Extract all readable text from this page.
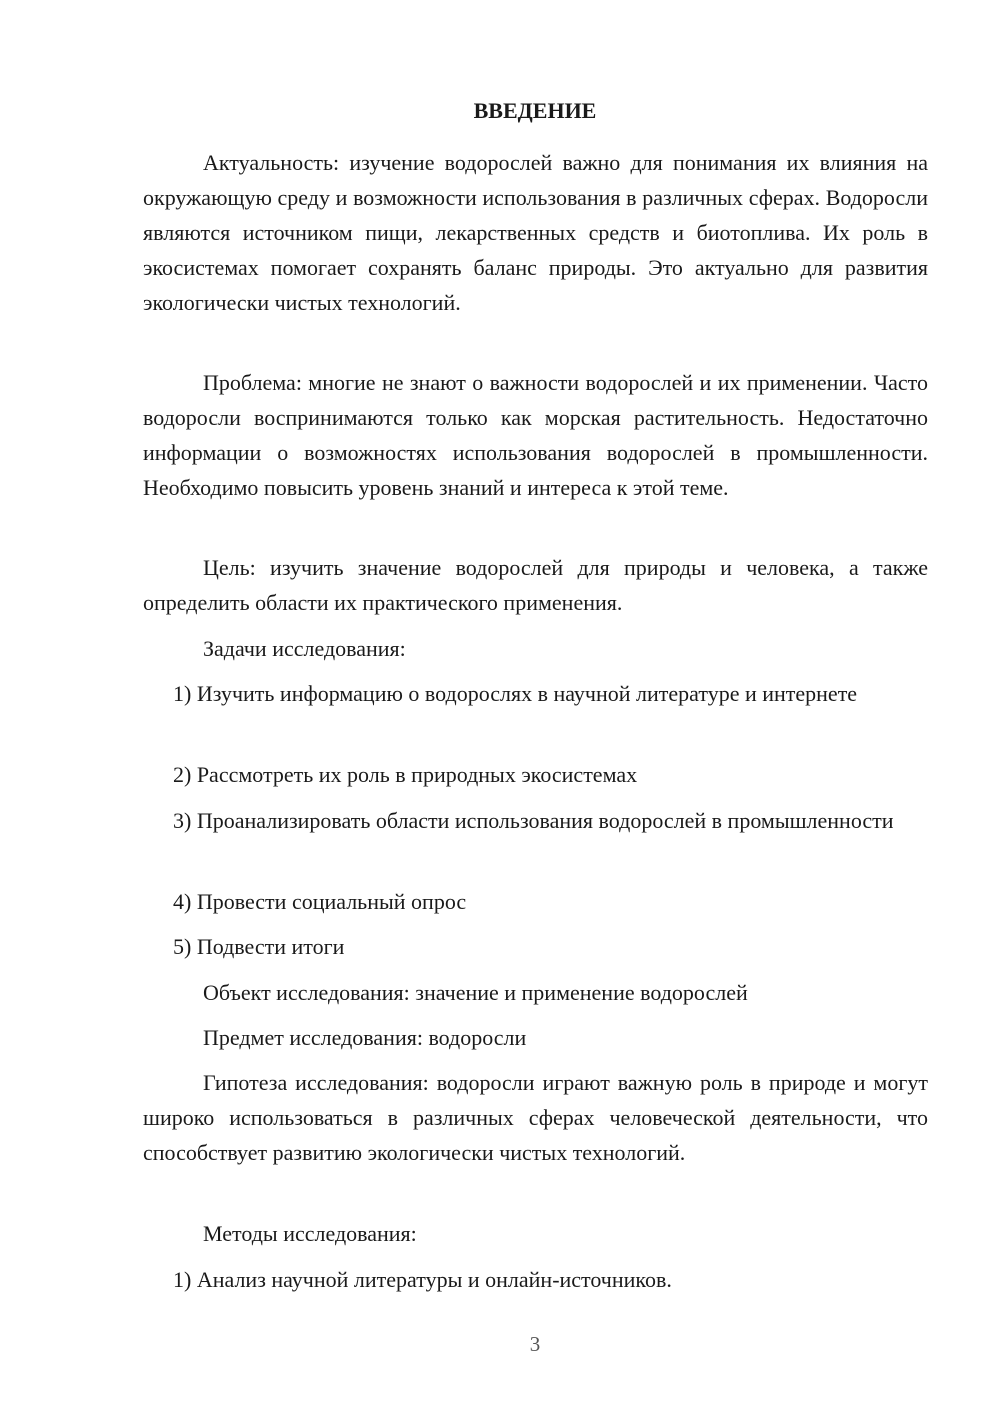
ВВЕДЕНИЕ

Актуальность: изучение водорослей важно для понимания их влияния на окружающую среду и возможности использования в различных сферах. Водоросли являются источником пищи, лекарственных средств и биотоплива. Их роль в экосистемах помогает сохранять баланс природы. Это актуально для развития экологически чистых технологий.

Проблема: многие не знают о важности водорослей и их применении. Часто водоросли воспринимаются только как морская растительность. Недостаточно информации о возможностях использования водорослей в промышленности. Необходимо повысить уровень знаний и интереса к этой теме.

Цель: изучить значение водорослей для природы и человека, а также определить области их практического применения.

Задачи исследования:

1) Изучить информацию о водорослях в научной литературе и интернете

2) Рассмотреть их роль в природных экосистемах

3) Проанализировать области использования водорослей в промышленности

4) Провести социальный опрос

5) Подвести итоги

Объект исследования: значение и применение водорослей

Предмет исследования: водоросли

Гипотеза исследования: водоросли играют важную роль в природе и могут широко использоваться в различных сферах человеческой деятельности, что способствует развитию экологически чистых технологий.

Методы исследования:

1) Анализ научной литературы и онлайн-источников.

3
